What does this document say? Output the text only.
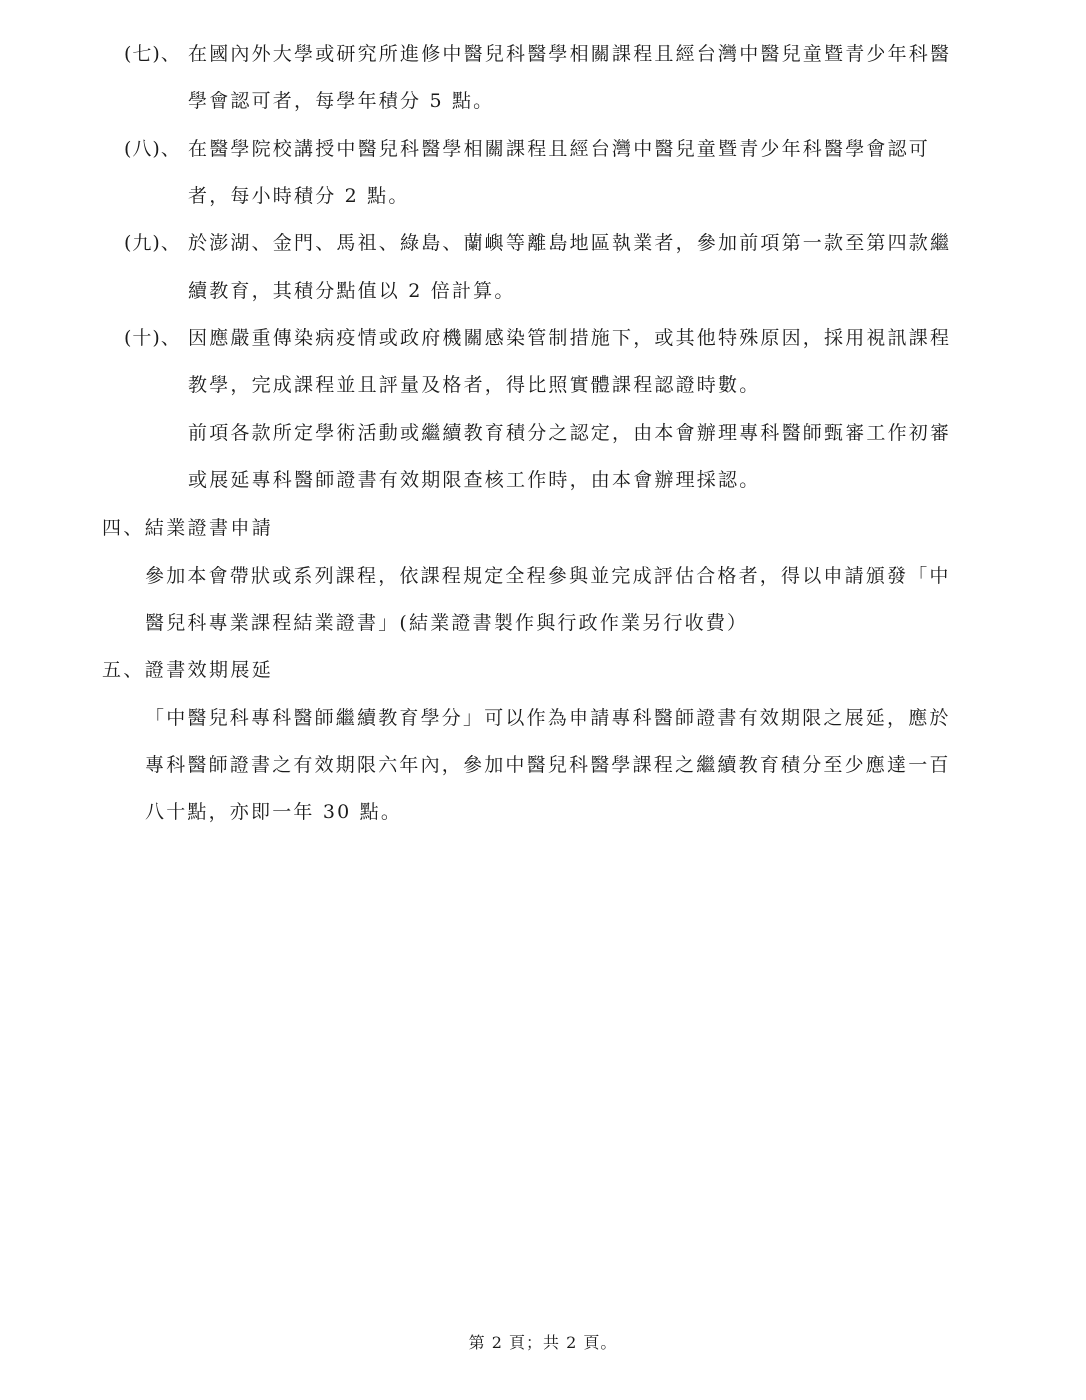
(七)、 在國內外大學或研究所進修中醫兒科醫學相關課程且經台灣中醫兒童暨青少年科醫
學會認可者，每學年積分 5 點。
(八)、 在醫學院校講授中醫兒科醫學相關課程且經台灣中醫兒童暨青少年科醫學會認可
者，每小時積分 2 點。
(九)、 於澎湖、金門、馬祖、綠島、蘭嶼等離島地區執業者，參加前項第一款至第四款繼
續教育，其積分點值以 2 倍計算。
(十)、 因應嚴重傳染病疫情或政府機關感染管制措施下，或其他特殊原因，採用視訊課程
教學，完成課程並且評量及格者，得比照實體課程認證時數。
前項各款所定學術活動或繼續教育積分之認定，由本會辦理專科醫師甄審工作初審
或展延專科醫師證書有效期限查核工作時，由本會辦理採認。
四、結業證書申請
參加本會帶狀或系列課程，依課程規定全程參與並完成評估合格者，得以申請頒發「中
醫兒科專業課程結業證書」(結業證書製作與行政作業另行收費）
五、證書效期展延
「中醫兒科專科醫師繼續教育學分」可以作為申請專科醫師證書有效期限之展延，應於
專科醫師證書之有效期限六年內，參加中醫兒科醫學課程之繼續教育積分至少應達一百
八十點，亦即一年 30 點。
第 2 頁；共 2 頁。
